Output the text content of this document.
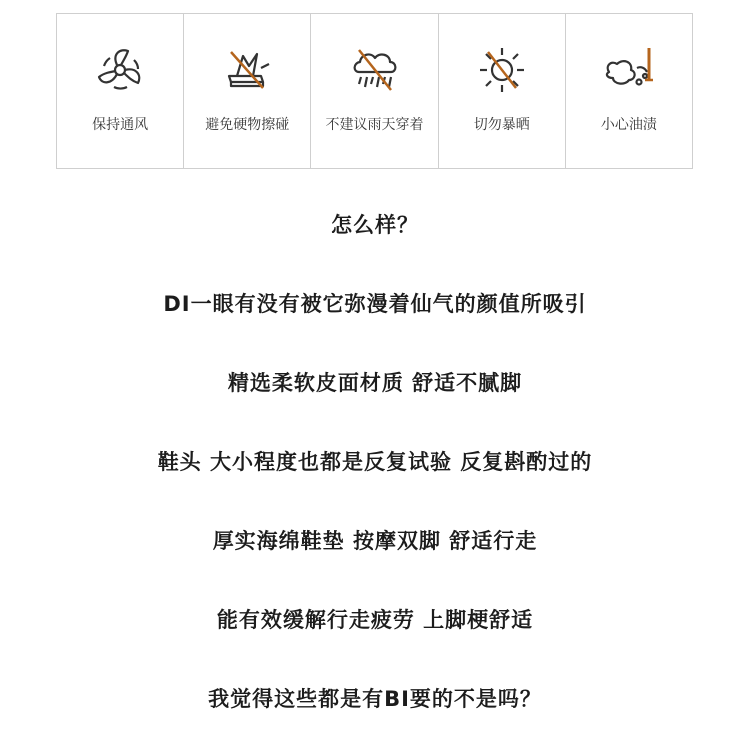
保持通风	避免硬物擦碰	不建议雨天穿着	切勿暴晒	小心油渍
怎么样？
DI一眼有没有被它弥漫着仙气的颜值所吸引
精选柔软皮面材质 舒适不腻脚
鞋头 大小程度也都是反复试验 反复斟酌过的
厚实海绵鞋垫 按摩双脚 舒适行走
能有效缓解行走疲劳 上脚梗舒适
我觉得这些都是有BI要的不是吗？
